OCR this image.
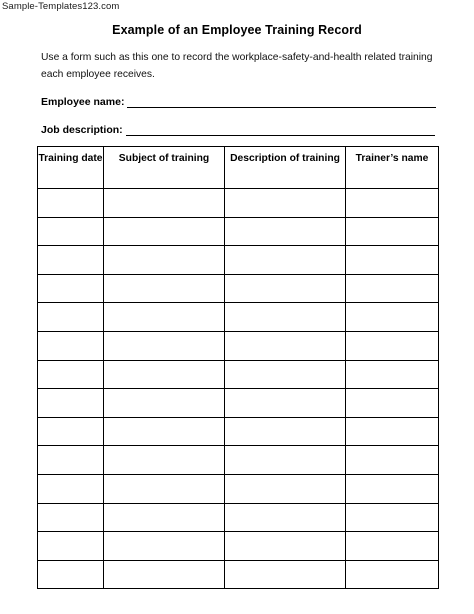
Sample-Templates123.com
Example of an Employee Training Record
Use a form such as this one to record the workplace-safety-and-health related training each employee receives.
Employee name:
Job description:
Training date	Subject of training	Description of training	Trainer’s name
